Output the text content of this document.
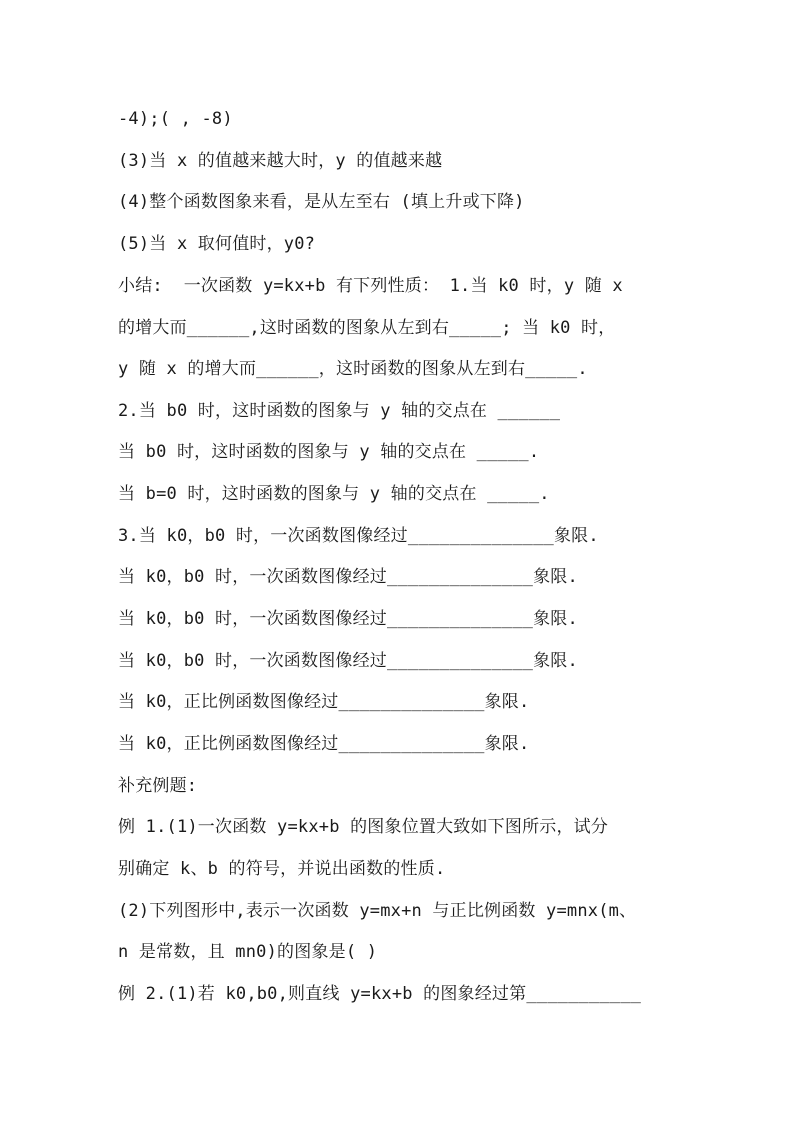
-4);( , -8)
(3)当 x 的值越来越大时，y 的值越来越
(4)整个函数图象来看，是从左至右 (填上升或下降)
(5)当 x 取何值时，y0?
小结:  一次函数 y=kx+b 有下列性质： 1.当 k0 时，y 随 x
的增大而______,这时函数的图象从左到右_____; 当 k0 时，
y 随 x 的增大而______，这时函数的图象从左到右_____.
2.当 b0 时，这时函数的图象与 y 轴的交点在 ______
当 b0 时，这时函数的图象与 y 轴的交点在 _____.
当 b=0 时，这时函数的图象与 y 轴的交点在 _____.
3.当 k0，b0 时，一次函数图像经过______________象限.
当 k0，b0 时，一次函数图像经过______________象限.
当 k0，b0 时，一次函数图像经过______________象限.
当 k0，b0 时，一次函数图像经过______________象限.
当 k0，正比例函数图像经过______________象限.
当 k0，正比例函数图像经过______________象限.
补充例题:
例 1.(1)一次函数 y=kx+b 的图象位置大致如下图所示，试分
别确定 k、b 的符号，并说出函数的性质.
(2)下列图形中,表示一次函数 y=mx+n 与正比例函数 y=mnx(m、
n 是常数，且 mn0)的图象是( )
例 2.(1)若 k0,b0,则直线 y=kx+b 的图象经过第___________
